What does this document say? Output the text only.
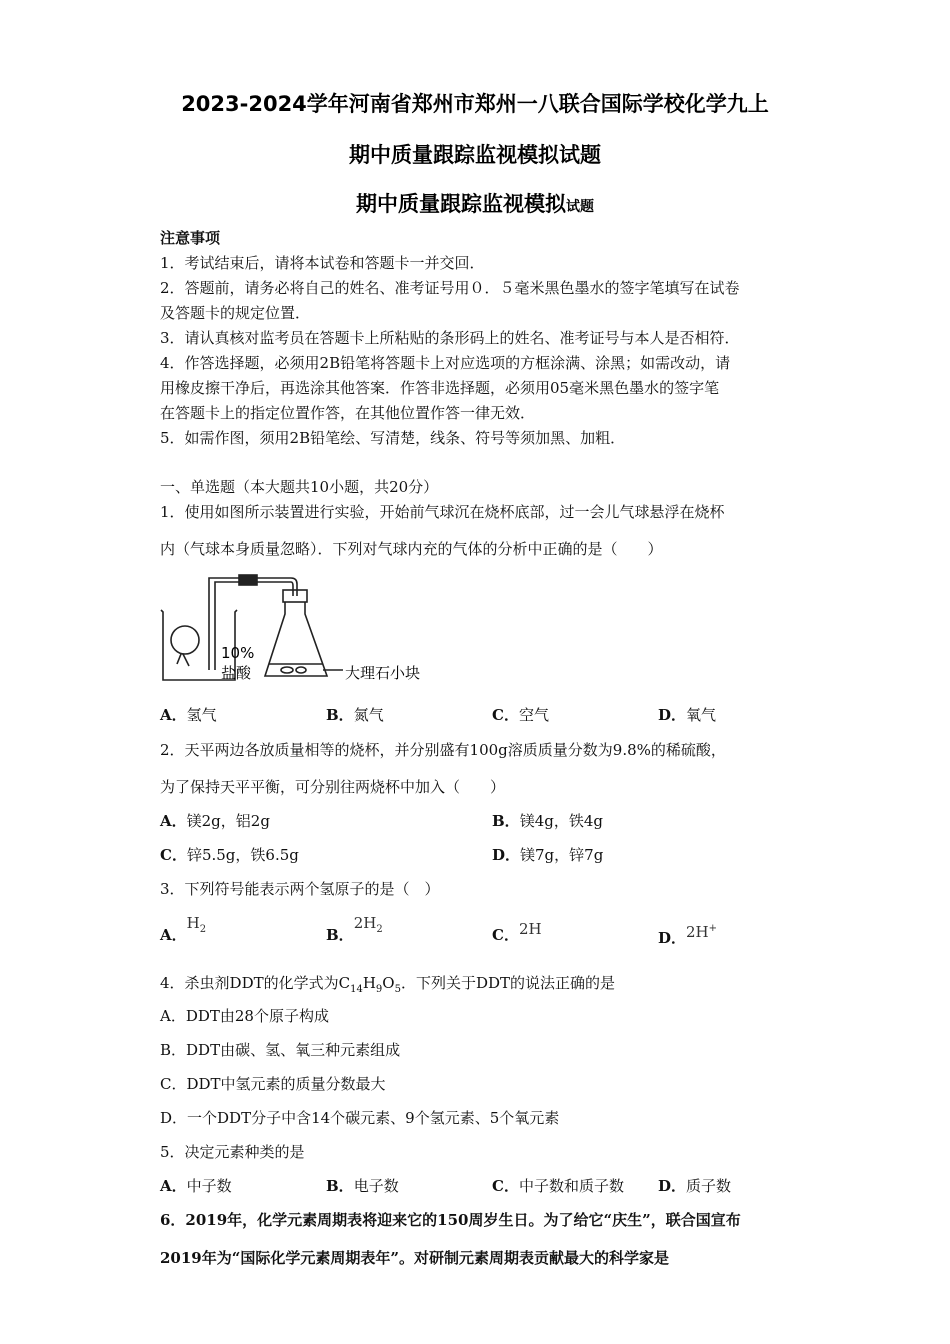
2023-2024学年河南省郑州市郑州一八联合国际学校化学九上
期中质量跟踪监视模拟试题
期中质量跟踪监视模拟试题
注意事项
1．考试结束后，请将本试卷和答题卡一并交回．
2．答题前，请务必将自己的姓名、准考证号用０．５毫米黑色墨水的签字笔填写在试卷
及答题卡的规定位置．
3．请认真核对监考员在答题卡上所粘贴的条形码上的姓名、准考证号与本人是否相符．
4．作答选择题，必须用2B铅笔将答题卡上对应选项的方框涂满、涂黑；如需改动，请
用橡皮擦干净后，再选涂其他答案．作答非选择题，必须用05毫米黑色墨水的签字笔
在答题卡上的指定位置作答，在其他位置作答一律无效．
5．如需作图，须用2B铅笔绘、写清楚，线条、符号等须加黑、加粗．
一、单选题（本大题共10小题，共20分）
1．使用如图所示装置进行实验，开始前气球沉在烧杯底部，过一会儿气球悬浮在烧杯
内（气球本身质量忽略）．下列对气球内充的气体的分析中正确的是（　　）
10%
盐酸	大理石小块
A．氢气	B．氮气	C．空气	D．氧气
2．天平两边各放质量相等的烧杯，并分别盛有100g溶质质量分数为9.8%的稀硫酸，
为了保持天平平衡，可分别往两烧杯中加入（　　）
A．镁2g，铝2g	B．镁4g，铁4g
C．锌5.5g，铁6.5g	D．镁7g，锌7g
3．下列符号能表示两个氢原子的是（　）
A．$H_2$	B．$2H_2$	C．2H	D．2H+
4．杀虫剂DDT的化学式为$C_{14}H_9O_5$．下列关于DDT的说法正确的是
A．DDT由28个原子构成
B．DDT由碳、氢、氧三种元素组成
C．DDT中氢元素的质量分数最大
D．一个DDT分子中含14个碳元素、9个氢元素、5个氧元素
5．决定元素种类的是
A．中子数	B．电子数	C．中子数和质子数 D．质子数
6．2019年，化学元素周期表将迎来它的150周岁生日。为了给它“庆生”，联合国宣布
2019年为“国际化学元素周期表年”。对研制元素周期表贡献最大的科学家是
